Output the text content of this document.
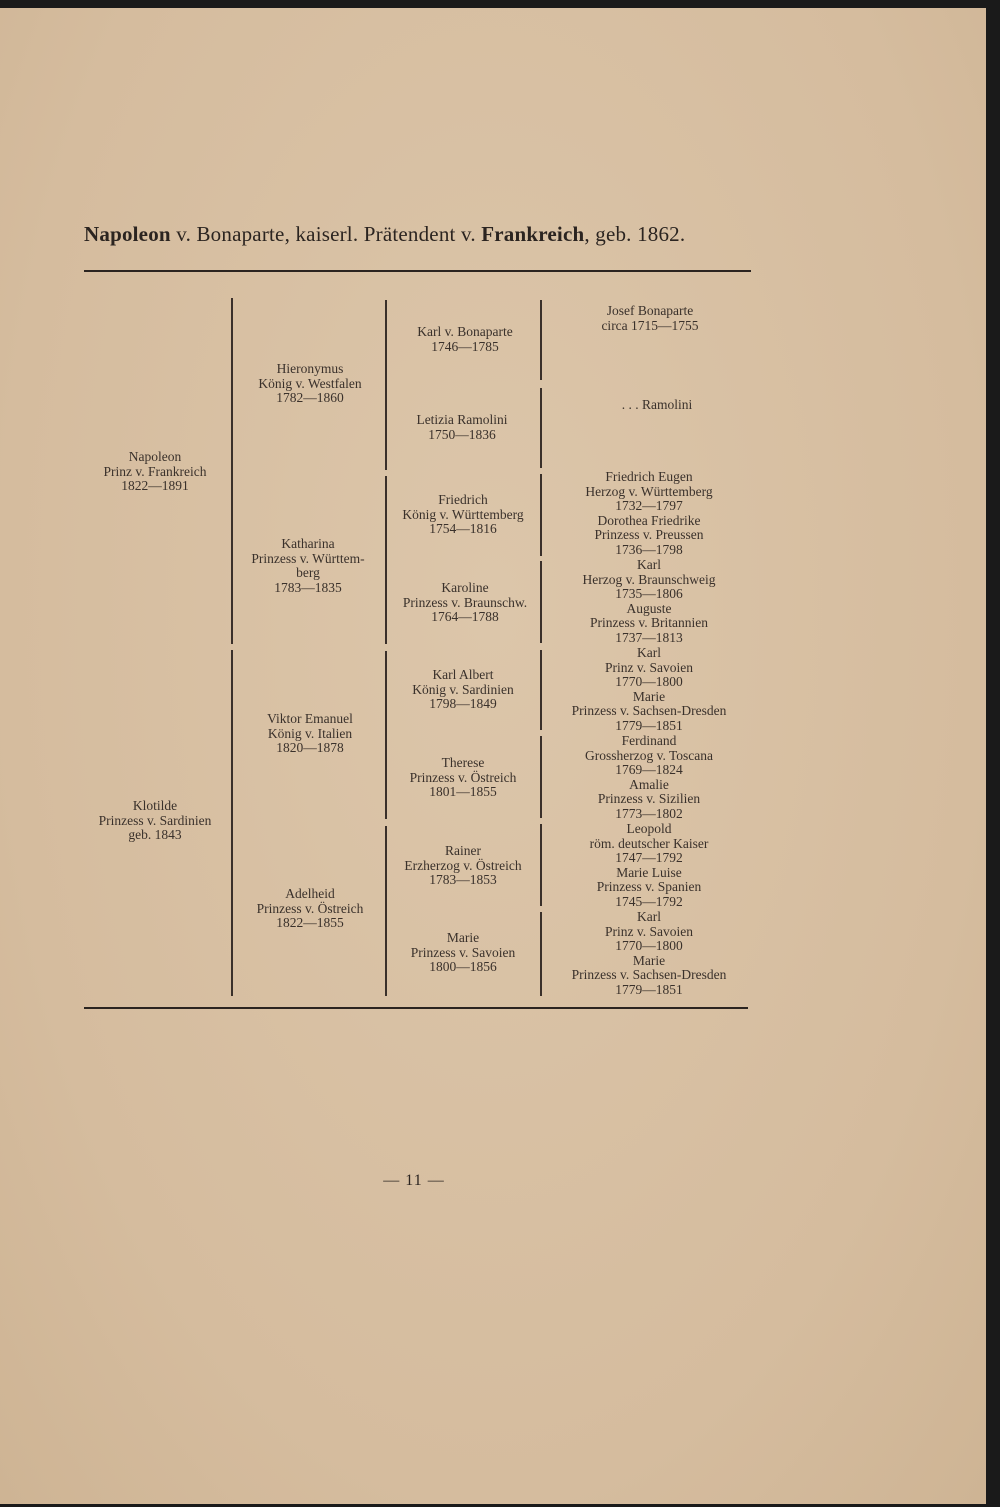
Napoleon v. Bonaparte, kaiserl. Prätendent v. Frankreich, geb. 1862.
Napoleon
Prinz v. Frankreich
1822—1891
Klotilde
Prinzess v. Sardinien
geb. 1843
Hieronymus
König v. Westfalen
1782—1860
Katharina
Prinzess v. Württem-
berg
1783—1835
Viktor Emanuel
König v. Italien
1820—1878
Adelheid
Prinzess v. Östreich
1822—1855
Karl v. Bonaparte
1746—1785
Letizia Ramolini
1750—1836
Friedrich
König v. Württemberg
1754—1816
Karoline
Prinzess v. Braunschw.
1764—1788
Karl Albert
König v. Sardinien
1798—1849
Therese
Prinzess v. Östreich
1801—1855
Rainer
Erzherzog v. Östreich
1783—1853
Marie
Prinzess v. Savoien
1800—1856
Josef Bonaparte
circa 1715—1755
. . . Ramolini
Friedrich Eugen
Herzog v. Württemberg
1732—1797
Dorothea Friedrike
Prinzess v. Preussen
1736—1798
Karl
Herzog v. Braunschweig
1735—1806
Auguste
Prinzess v. Britannien
1737—1813
Karl
Prinz v. Savoien
1770—1800
Marie
Prinzess v. Sachsen-Dresden
1779—1851
Ferdinand
Grossherzog v. Toscana
1769—1824
Amalie
Prinzess v. Sizilien
1773—1802
Leopold
röm. deutscher Kaiser
1747—1792
Marie Luise
Prinzess v. Spanien
1745—1792
Karl
Prinz v. Savoien
1770—1800
Marie
Prinzess v. Sachsen-Dresden
1779—1851
— 11 —
